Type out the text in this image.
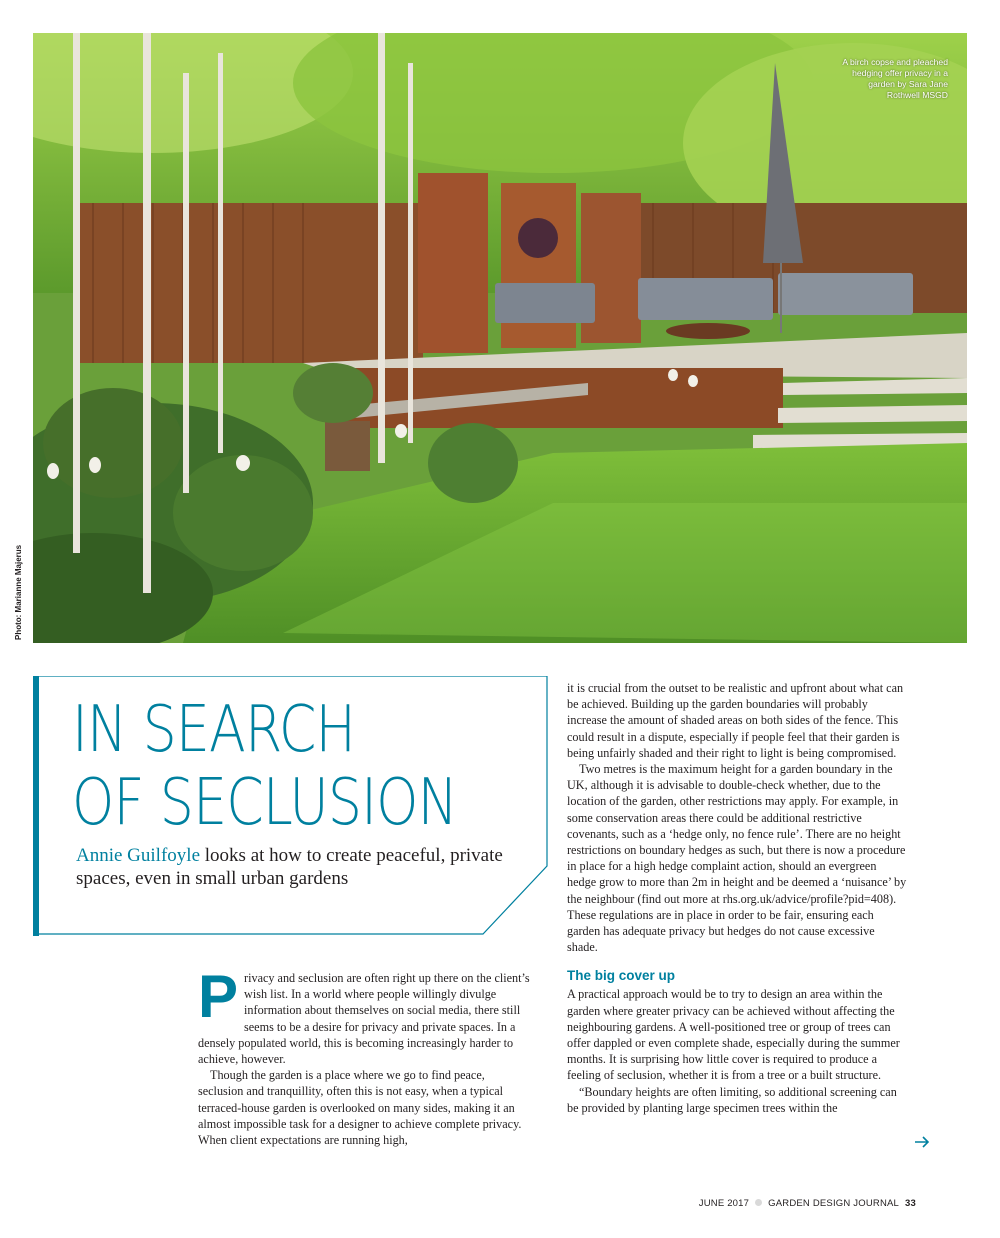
A birch copse and pleached hedging offer privacy in a garden by Sara Jane Rothwell MSGD
Photo: Marianne Majerus
IN SEARCH
OF SECLUSION

Annie Guilfoyle looks at how to create peaceful, private spaces, even in small urban gardens

Privacy and seclusion are often right up there on the client’s wish list. In a world where people willingly divulge information about themselves on social media, there still seems to be a desire for privacy and private spaces. In a densely populated world, this is becoming increasingly harder to achieve, however.

Though the garden is a place where we go to find peace, seclusion and tranquillity, often this is not easy, when a typical terraced-house garden is overlooked on many sides, making it an almost impossible task for a designer to achieve complete privacy. When client expectations are running high,

it is crucial from the outset to be realistic and upfront about what can be achieved. Building up the garden boundaries will probably increase the amount of shaded areas on both sides of the fence. This could result in a dispute, especially if people feel that their garden is being unfairly shaded and their right to light is being compromised.

Two metres is the maximum height for a garden boundary in the UK, although it is advisable to double-check whether, due to the location of the garden, other restrictions may apply. For example, in some conservation areas there could be additional restrictive covenants, such as a ‘hedge only, no fence rule’. There are no height restrictions on boundary hedges as such, but there is now a procedure in place for a high hedge complaint action, should an evergreen hedge grow to more than 2m in height and be deemed a ‘nuisance’ by the neighbour (find out more at rhs.org.uk/advice/profile?pid=408). These regulations are in place in order to be fair, ensuring each garden has adequate privacy but hedges do not cause excessive shade.

The big cover up

A practical approach would be to try to design an area within the garden where greater privacy can be achieved without affecting the neighbouring gardens. A well-positioned tree or group of trees can offer dappled or even complete shade, especially during the summer months. It is surprising how little cover is required to produce a feeling of seclusion, whether it is from a tree or a built structure.

“Boundary heights are often limiting, so additional screening can be provided by planting large specimen trees within the

JUNE 2017 GARDEN DESIGN JOURNAL 33
